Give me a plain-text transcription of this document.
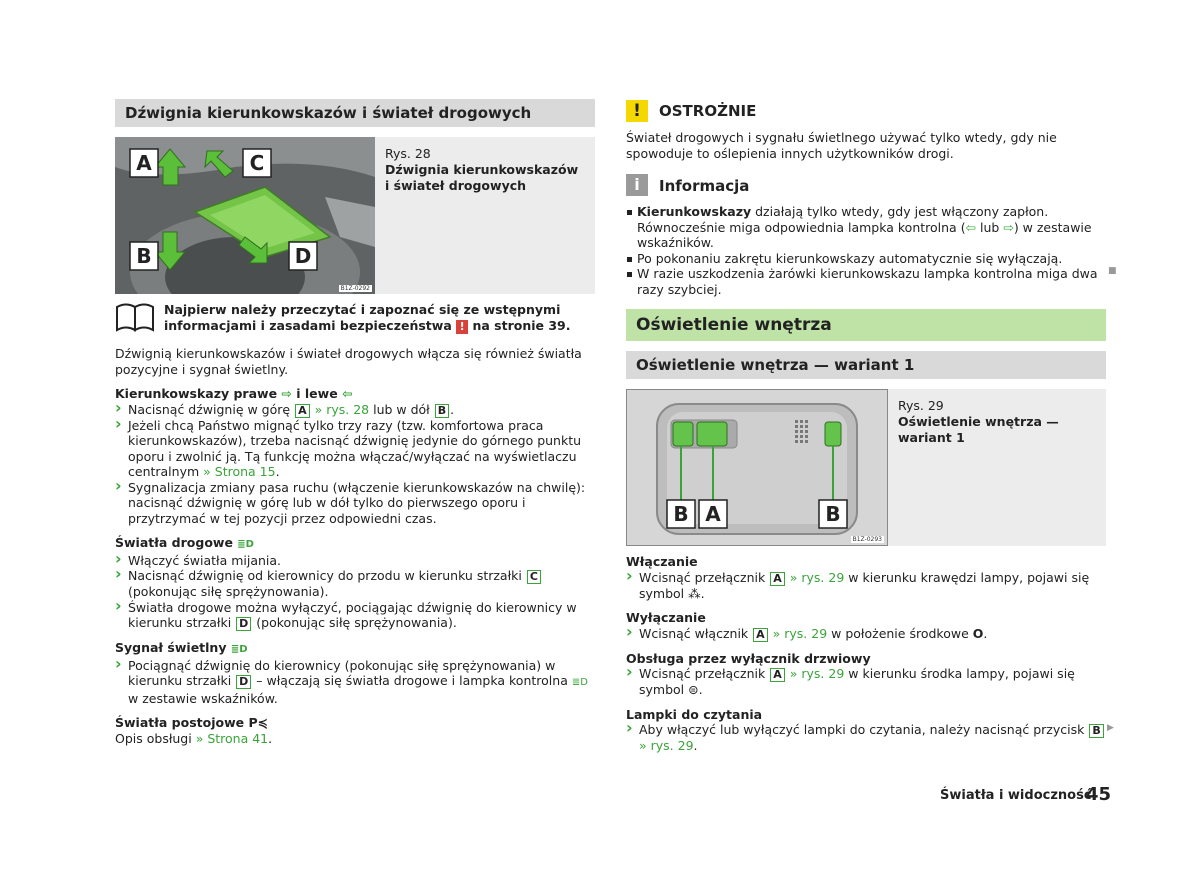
Dźwignia kierunkowskazów i świateł drogowych
A	C
B	D
B1Z-0292
Rys. 28
Dźwignia kierunkowskazów i świateł drogowych
Najpierw należy przeczytać i zapoznać się ze wstępnymi informacjami i zasadami bezpieczeństwa ! na stronie 39.

Dźwignią kierunkowskazów i świateł drogowych włącza się również światła pozycyjne i sygnał świetlny.

Kierunkowskazy prawe ⇨ i lewe ⇦

› Nacisnąć dźwignię w górę A » rys. 28 lub w dół B .

› Jeżeli chcą Państwo mignąć tylko trzy razy (tzw. komfortowa praca kierunkowskazów), trzeba nacisnąć dźwignię jedynie do górnego punktu oporu i zwolnić ją. Tą funkcję można włączać/wyłączać na wyświetlaczu centralnym » Strona 15.

› Sygnalizacja zmiany pasa ruchu (włączenie kierunkowskazów na chwilę): nacisnąć dźwignię w górę lub w dół tylko do pierwszego oporu i przytrzymać w tej pozycji przez odpowiedni czas.

Światła drogowe ≣D

› Włączyć światła mijania.

› Nacisnąć dźwignię od kierownicy do przodu w kierunku strzałki C (pokonując siłę sprężynowania).

› Światła drogowe można wyłączyć, pociągając dźwignię do kierownicy w kierunku strzałki D (pokonując siłę sprężynowania).

Sygnał świetlny ≣D

› Pociągnąć dźwignię do kierownicy (pokonując siłę sprężynowania) w kierunku strzałki D – włączają się światła drogowe i lampka kontrolna ≣D w zestawie wskaźników.

Światła postojowe P≼

Opis obsługi » Strona 41.

!	OSTROŻNIE
Świateł drogowych i sygnału świetlnego używać tylko wtedy, gdy nie spowoduje to oślepienia innych użytkowników drogi.
i	Informacja

Kierunkowskazy działają tylko wtedy, gdy jest włączony zapłon. Równocześnie miga odpowiednia lampka kontrolna (⇦ lub ⇨) w zestawie wskaźników.

Po pokonaniu zakrętu kierunkowskazy automatycznie się wyłączają.

W razie uszkodzenia żarówki kierunkowskazu lampka kontrolna miga dwa razy szybciej.

■
Oświetlenie wnętrza
Oświetlenie wnętrza — wariant 1
B A	B
B1Z-0293
Rys. 29
Oświetlenie wnętrza — wariant 1

Włączanie

› Wcisnąć przełącznik A » rys. 29 w kierunku krawędzi lampy, pojawi się symbol ⁂.

Wyłączanie

› Wcisnąć włącznik A » rys. 29 w położenie środkowe O.

Obsługa przez wyłącznik drzwiowy

› Wcisnąć przełącznik A » rys. 29 w kierunku środka lampy, pojawi się symbol ⊜.

Lampki do czytania

› Aby włączyć lub wyłączyć lampki do czytania, należy nacisnąć przycisk B » rys. 29.

▶
Światła i widoczność
45
